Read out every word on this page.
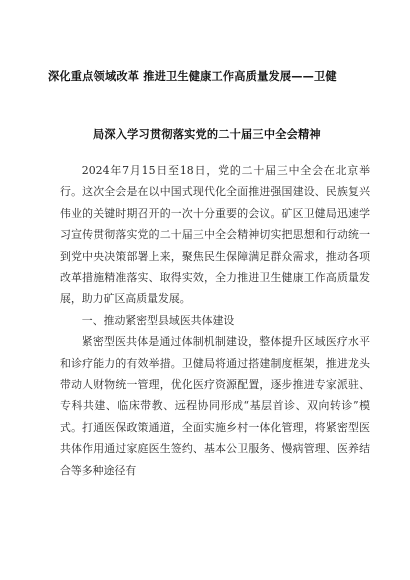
深化重点领域改革 推进卫生健康工作高质量发展——卫健
局深入学习贯彻落实党的二十届三中全会精神

2024年7月15日至18日，党的二十届三中全会在北京举行。这次全会是在以中国式现代化全面推进强国建设、民族复兴伟业的关键时期召开的一次十分重要的会议。矿区卫健局迅速学习宣传贯彻落实党的二十届三中全会精神切实把思想和行动统一到党中央决策部署上来，聚焦民生保障满足群众需求，推动各项改革措施精准落实、取得实效，全力推进卫生健康工作高质量发展，助力矿区高质量发展。

一、推动紧密型县域医共体建设

紧密型医共体是通过体制机制建设，整体提升区域医疗水平和诊疗能力的有效举措。卫健局将通过搭建制度框架，推进龙头带动人财物统一管理，优化医疗资源配置，逐步推进专家派驻、专科共建、临床带教、远程协同形成“基层首诊、双向转诊”模式。打通医保政策通道，全面实施乡村一体化管理，将紧密型医共体作用通过家庭医生签约、基本公卫服务、慢病管理、医养结合等多种途径有
